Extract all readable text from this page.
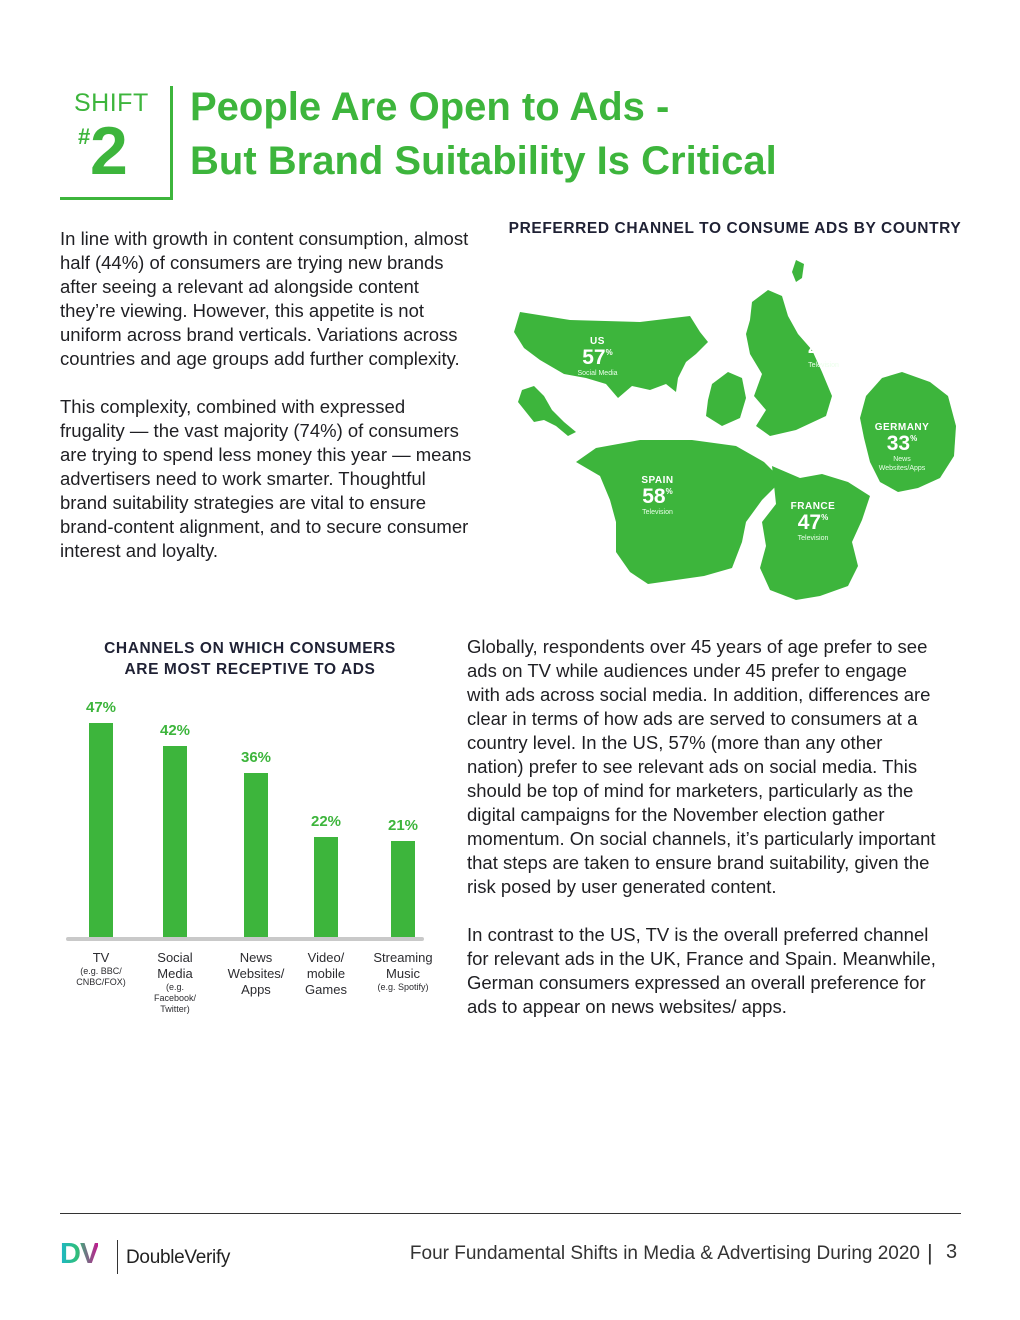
SHIFT
# 2
People Are Open to Ads -
But Brand Suitability Is Critical

In line with growth in content consumption, almost half (44%) of consumers are trying new brands after seeing a relevant ad alongside content they’re viewing. However, this appetite is not uniform across brand verticals. Variations across countries and age groups add further complexity.

This complexity, combined with expressed frugality — the vast majority (74%) of consumers are trying to spend less money this year — means advertisers need to work smarter. Thoughtful brand suitability strategies are vital to ensure brand-content alignment, and to secure consumer interest and loyalty.

PREFERRED CHANNEL TO CONSUME ADS BY COUNTRY
US
57%
Social Media
UK
47%
Television
GERMANY
33%
News
Websites/Apps
SPAIN
58%
Television
FRANCE
47%
Television
CHANNELS ON WHICH CONSUMERS
ARE MOST RECEPTIVE TO ADS
47%
TV
(e.g. BBC/
CNBC/FOX)
42%
Social
Media
(e.g.
Facebook/
Twitter)
36%
News
Websites/
Apps
22%
Video/
mobile
Games
21%
Streaming
Music
(e.g. Spotify)

Globally, respondents over 45 years of age prefer to see ads on TV while audiences under 45 prefer to engage with ads across social media. In addition, differences are clear in terms of how ads are served to consumers at a country level. In the US, 57% (more than any other nation) prefer to see relevant ads on social media. This should be top of mind for marketers, particularly as the digital campaigns for the November election gather momentum. On social channels, it’s particularly important that steps are taken to ensure brand suitability, given the risk posed by user generated content.

In contrast to the US, TV is the overall preferred channel for relevant ads in the UK, France and Spain. Meanwhile, German consumers expressed an overall preference for ads to appear on news websites/ apps.

DV DoubleVerify	Four Fundamental Shifts in Media & Advertising During 2020 | 3
